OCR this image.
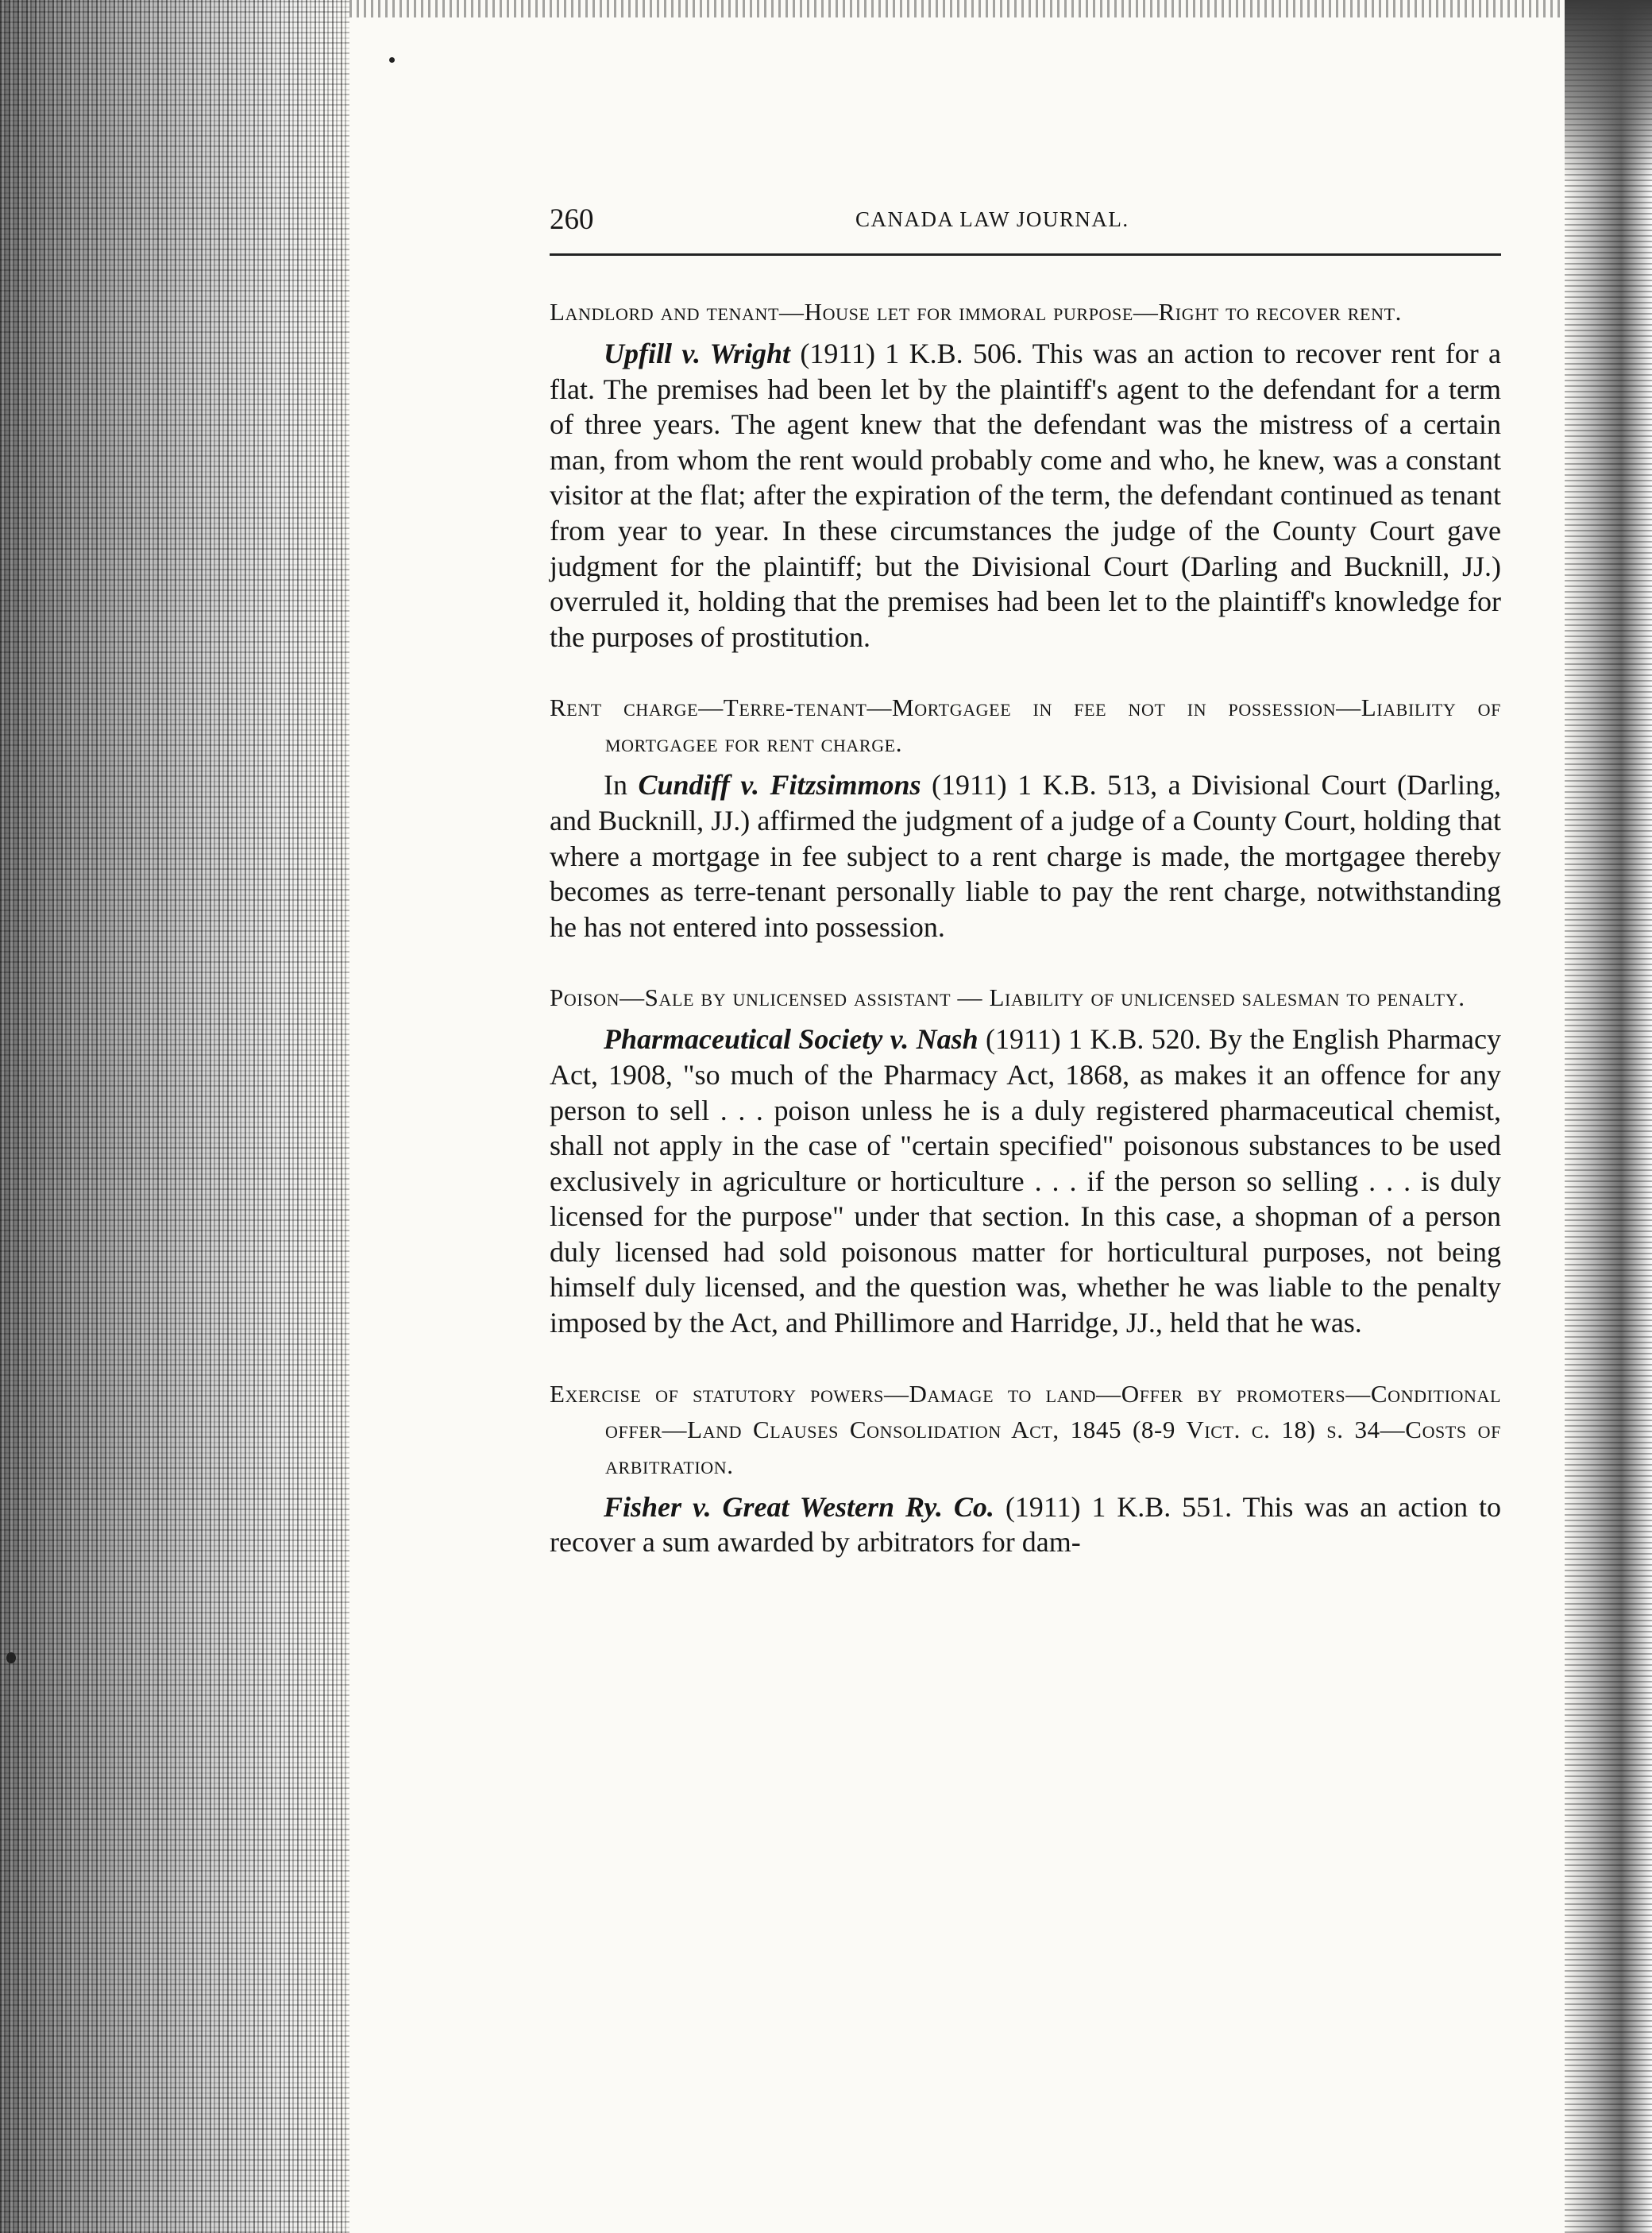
260	CANADA LAW JOURNAL.

Landlord and tenant—House let for immoral purpose—Right to recover rent.

Upfill v. Wright (1911) 1 K.B. 506. This was an action to recover rent for a flat. The premises had been let by the plaintiff's agent to the defendant for a term of three years. The agent knew that the defendant was the mistress of a certain man, from whom the rent would probably come and who, he knew, was a constant visitor at the flat; after the expiration of the term, the defendant continued as tenant from year to year. In these circumstances the judge of the County Court gave judgment for the plaintiff; but the Divisional Court (Darling and Bucknill, JJ.) overruled it, holding that the premises had been let to the plaintiff's knowledge for the purposes of prostitution.

Rent charge—Terre-tenant—Mortgagee in fee not in possession—Liability of mortgagee for rent charge.

In Cundiff v. Fitzsimmons (1911) 1 K.B. 513, a Divisional Court (Darling, and Bucknill, JJ.) affirmed the judgment of a judge of a County Court, holding that where a mortgage in fee subject to a rent charge is made, the mortgagee thereby becomes as terre-tenant personally liable to pay the rent charge, notwithstanding he has not entered into possession.

Poison—Sale by unlicensed assistant — Liability of unlicensed salesman to penalty.

Pharmaceutical Society v. Nash (1911) 1 K.B. 520. By the English Pharmacy Act, 1908, "so much of the Pharmacy Act, 1868, as makes it an offence for any person to sell . . . poison unless he is a duly registered pharmaceutical chemist, shall not apply in the case of "certain specified" poisonous substances to be used exclusively in agriculture or horticulture . . . if the person so selling . . . is duly licensed for the purpose" under that section. In this case, a shopman of a person duly licensed had sold poisonous matter for horticultural purposes, not being himself duly licensed, and the question was, whether he was liable to the penalty imposed by the Act, and Phillimore and Harridge, JJ., held that he was.

Exercise of statutory powers—Damage to land—Offer by promoters—Conditional offer—Land Clauses Consolidation Act, 1845 (8-9 Vict. c. 18) s. 34—Costs of arbitration.

Fisher v. Great Western Ry. Co. (1911) 1 K.B. 551. This was an action to recover a sum awarded by arbitrators for dam-
